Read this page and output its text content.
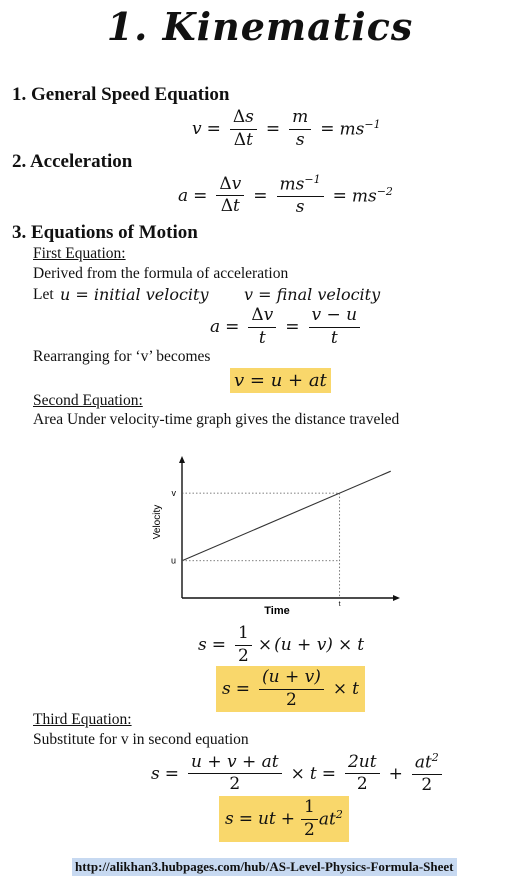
1. Kinematics
1. General Speed Equation
$v = \frac{\Delta s}{\Delta t} = \frac{m}{s} = ms^{-1}$
2. Acceleration
$a = \frac{\Delta v}{\Delta t} = \frac{ms^{-1}}{s} = ms^{-2}$
3. Equations of Motion
First Equation:
Derived from the formula of acceleration
Let u = initial velocity v = final velocity
$a = \frac{\Delta v}{t} = \frac{v - u}{t}$
Rearranging for ‘v’ becomes
v = u + at
Second Equation:
Area Under velocity-time graph gives the distance traveled
v
u
t
Time
Velocity
$s = \frac{1}{2} \times (u + v) \times t$
$s = \frac{(u + v)}{2} \times t$
Third Equation:
Substitute for v in second equation
$s = \frac{u + v + at}{2} \times t = \frac{2ut}{2} + \frac{at^2}{2}$
s = ut + $\frac{1}{2} at^2$
http://alikhan3.hubpages.com/hub/AS-Level-Physics-Formula-Sheet
